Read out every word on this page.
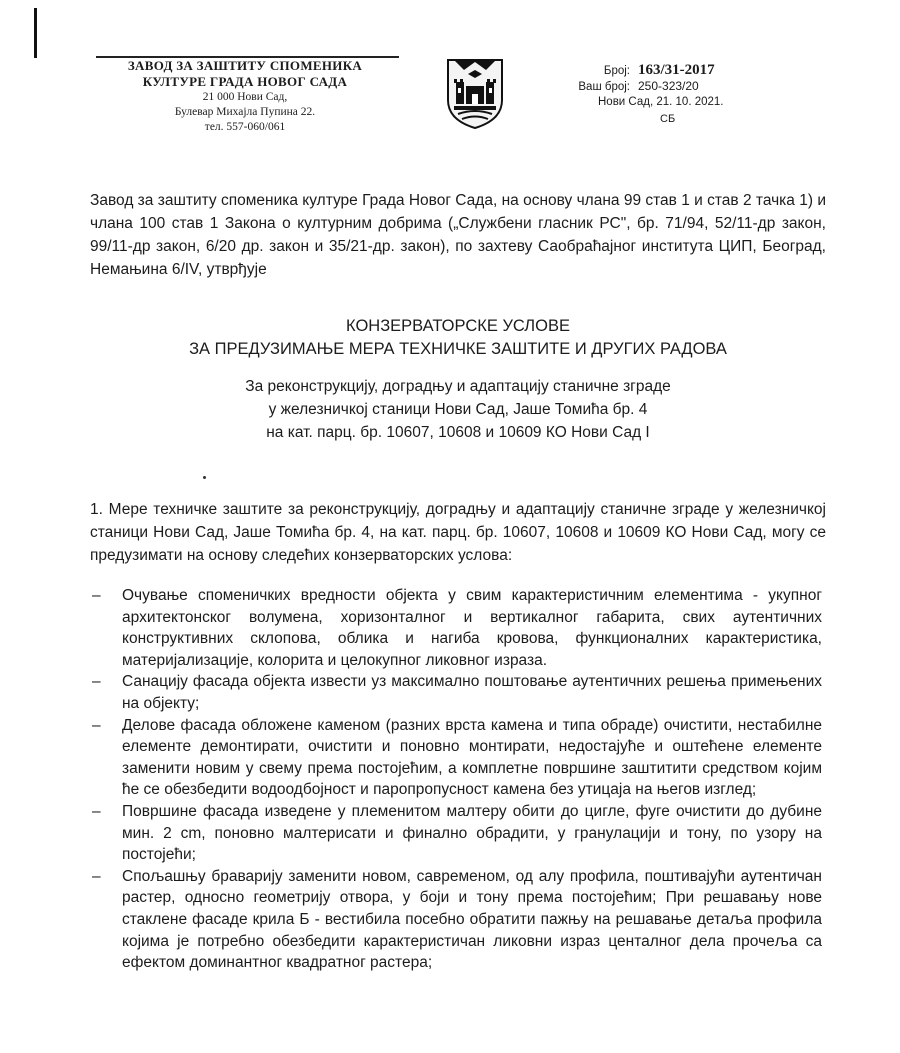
ЗАВОД ЗА ЗАШТИТУ СПОМЕНИКА
КУЛТУРЕ ГРАДА НОВОГ САДА
21 000 Нови Сад,
Булевар Михајла Пупина 22.
тел. 557-060/061
Број: 163/31-2017
Ваш број: 250-323/20
Нови Сад, 21. 10. 2021.
СБ

Завод за заштиту споменика културе Града Новог Сада, на основу члана 99 став 1 и став 2 тачка 1) и члана 100 став 1 Закона о културним добрима („Службени гласник РС", бр. 71/94, 52/11-др закон, 99/11-др закон, 6/20 др. закон и 35/21-др. закон), по захтеву Саобраћајног института ЦИП, Београд, Немањина 6/IV, утврђује

КОНЗЕРВАТОРСКЕ УСЛОВЕ
ЗА ПРЕДУЗИМАЊЕ МЕРА ТЕХНИЧКЕ ЗАШТИТЕ И ДРУГИХ РАДОВА
За реконструкцију, доградњу и адаптацију станичне зграде
у железничкој станици Нови Сад, Јаше Томића бр. 4
на кат. парц. бр. 10607, 10608 и 10609 КО Нови Сад I

1. Мере техничке заштите за реконструкцију, доградњу и адаптацију станичне зграде у железничкој станици Нови Сад, Јаше Томића бр. 4, на кат. парц. бр. 10607, 10608 и 10609 КО Нови Сад, могу се предузимати на основу следећих конзерваторских услова:

–	Очување споменичких вредности објекта у свим карактеристичним елементима - укупног архитектонског волумена, хоризонталног и вертикалног габарита, свих аутентичних конструктивних склопова, облика и нагиба кровова, функционалних карактеристика, материјализације, колорита и целокупног ликовног израза.
–	Санацију фасада објекта извести уз максимално поштовање аутентичних решења примењених на објекту;
–	Делове фасада обложене каменом (разних врста камена и типа обраде) очистити, нестабилне елементе демонтирати, очистити и поновно монтирати, недостајуће и оштећене елементе заменити новим у свему према постојећим, а комплетне површине заштитити средством којим ће се обезбедити водоодбојност и паропропусност камена без утицаја на његов изглед;
–	Површине фасада изведене у племенитом малтеру обити до цигле, фуге очистити до дубине мин. 2 cm, поновно малтерисати и финално обрадити, у гранулацији и тону, по узору на постојећи;
–	Спољашњу браварију заменити новом, савременом, од алу профила, поштивајући аутентичан растер, односно геометрију отвора, у боји и тону према постојећим; При решавању нове стаклене фасаде крила Б - вестибила посебно обратити пажњу на решавање детаља профила којима је потребно обезбедити карактеристичан ликовни израз центалног дела прочеља са ефектом доминантног квадратног растера;
